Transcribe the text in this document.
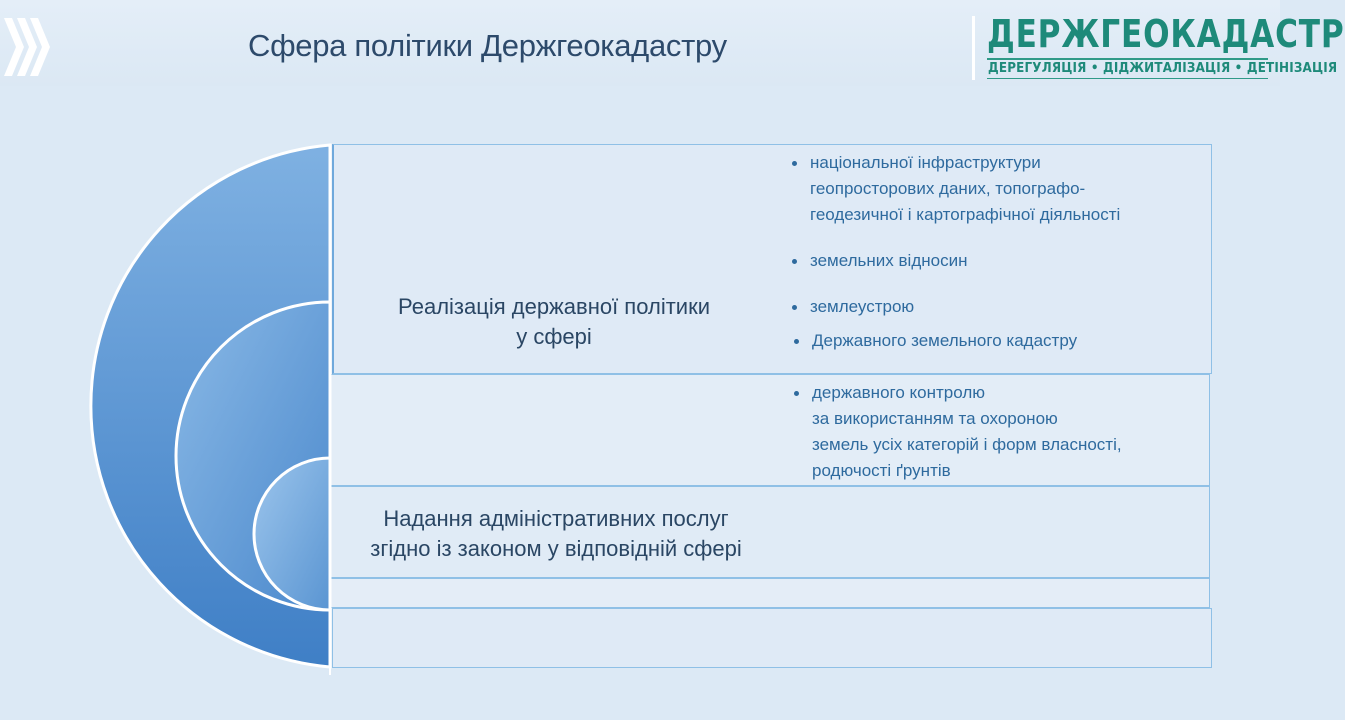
Сфера політики Держгеокадастру	ДЕРЖГЕОКАДАСТР
ДЕРЕГУЛЯЦІЯ • ДІДЖИТАЛІЗАЦІЯ • ДЕТІНІЗАЦІЯ
Реалізація державної політики
у сфері
національної інфраструктури
геопросторових даних, топографо-
геодезичної і картографічної діяльності
земельних відносин
землеустрою
Державного земельного кадастру
державного контролю
за використанням та охороною
земель усіх категорій і форм власності,
родючості ґрунтів
Надання адміністративних послуг
згідно із законом у відповідній сфері
